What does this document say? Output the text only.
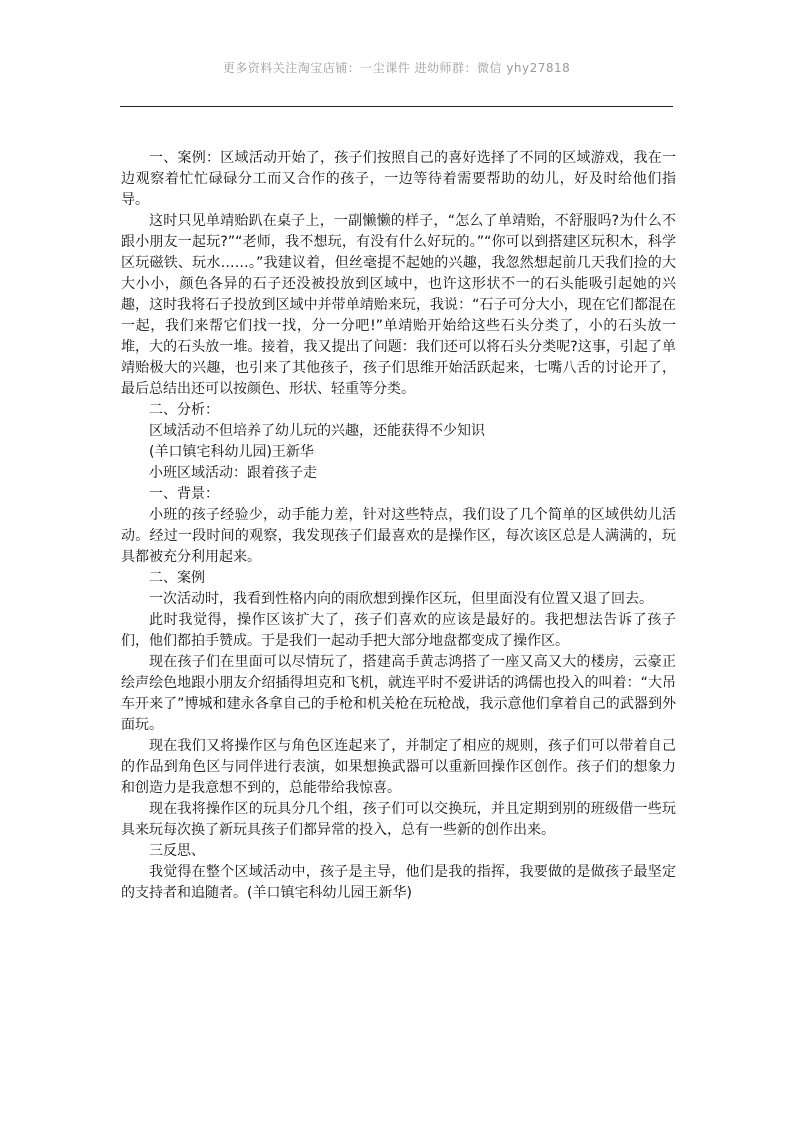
更多资料关注淘宝店铺：一尘课件 进幼师群：微信 yhy27818

一、案例：区域活动开始了，孩子们按照自己的喜好选择了不同的区域游戏，我在一边观察着忙忙碌碌分工而又合作的孩子，一边等待着需要帮助的幼儿，好及时给他们指导。

这时只见单靖贻趴在桌子上，一副懒懒的样子，“怎么了单靖贻，不舒服吗?为什么不跟小朋友一起玩?”“老师，我不想玩，有没有什么好玩的。”“你可以到搭建区玩积木，科学区玩磁铁、玩水……。”我建议着，但丝毫提不起她的兴趣，我忽然想起前几天我们捡的大大小小，颜色各异的石子还没被投放到区域中，也许这形状不一的石头能吸引起她的兴趣，这时我将石子投放到区域中并带单靖贻来玩，我说：“石子可分大小，现在它们都混在一起，我们来帮它们找一找，分一分吧!”单靖贻开始给这些石头分类了，小的石头放一堆，大的石头放一堆。接着，我又提出了问题：我们还可以将石头分类呢?这事，引起了单靖贻极大的兴趣，也引来了其他孩子，孩子们思维开始活跃起来，七嘴八舌的讨论开了，最后总结出还可以按颜色、形状、轻重等分类。

二、分析：

区域活动不但培养了幼儿玩的兴趣，还能获得不少知识

(羊口镇宅科幼儿园)王新华

小班区域活动：跟着孩子走

一、背景：

小班的孩子经验少，动手能力差，针对这些特点，我们设了几个简单的区域供幼儿活动。经过一段时间的观察，我发现孩子们最喜欢的是操作区，每次该区总是人满满的，玩具都被充分利用起来。

二、案例

一次活动时，我看到性格内向的雨欣想到操作区玩，但里面没有位置又退了回去。

此时我觉得，操作区该扩大了，孩子们喜欢的应该是最好的。我把想法告诉了孩子们，他们都拍手赞成。于是我们一起动手把大部分地盘都变成了操作区。

现在孩子们在里面可以尽情玩了，搭建高手黄志鸿搭了一座又高又大的楼房，云豪正绘声绘色地跟小朋友介绍插得坦克和飞机，就连平时不爱讲话的鸿儒也投入的叫着：“大吊车开来了”博城和建永各拿自己的手枪和机关枪在玩枪战，我示意他们拿着自己的武器到外面玩。

现在我们又将操作区与角色区连起来了，并制定了相应的规则，孩子们可以带着自己的作品到角色区与同伴进行表演，如果想换武器可以重新回操作区创作。孩子们的想象力和创造力是我意想不到的，总能带给我惊喜。

现在我将操作区的玩具分几个组，孩子们可以交换玩，并且定期到别的班级借一些玩具来玩每次换了新玩具孩子们都异常的投入，总有一些新的创作出来。

三反思、

我觉得在整个区域活动中，孩子是主导，他们是我的指挥，我要做的是做孩子最坚定的支持者和追随者。(羊口镇宅科幼儿园王新华)
